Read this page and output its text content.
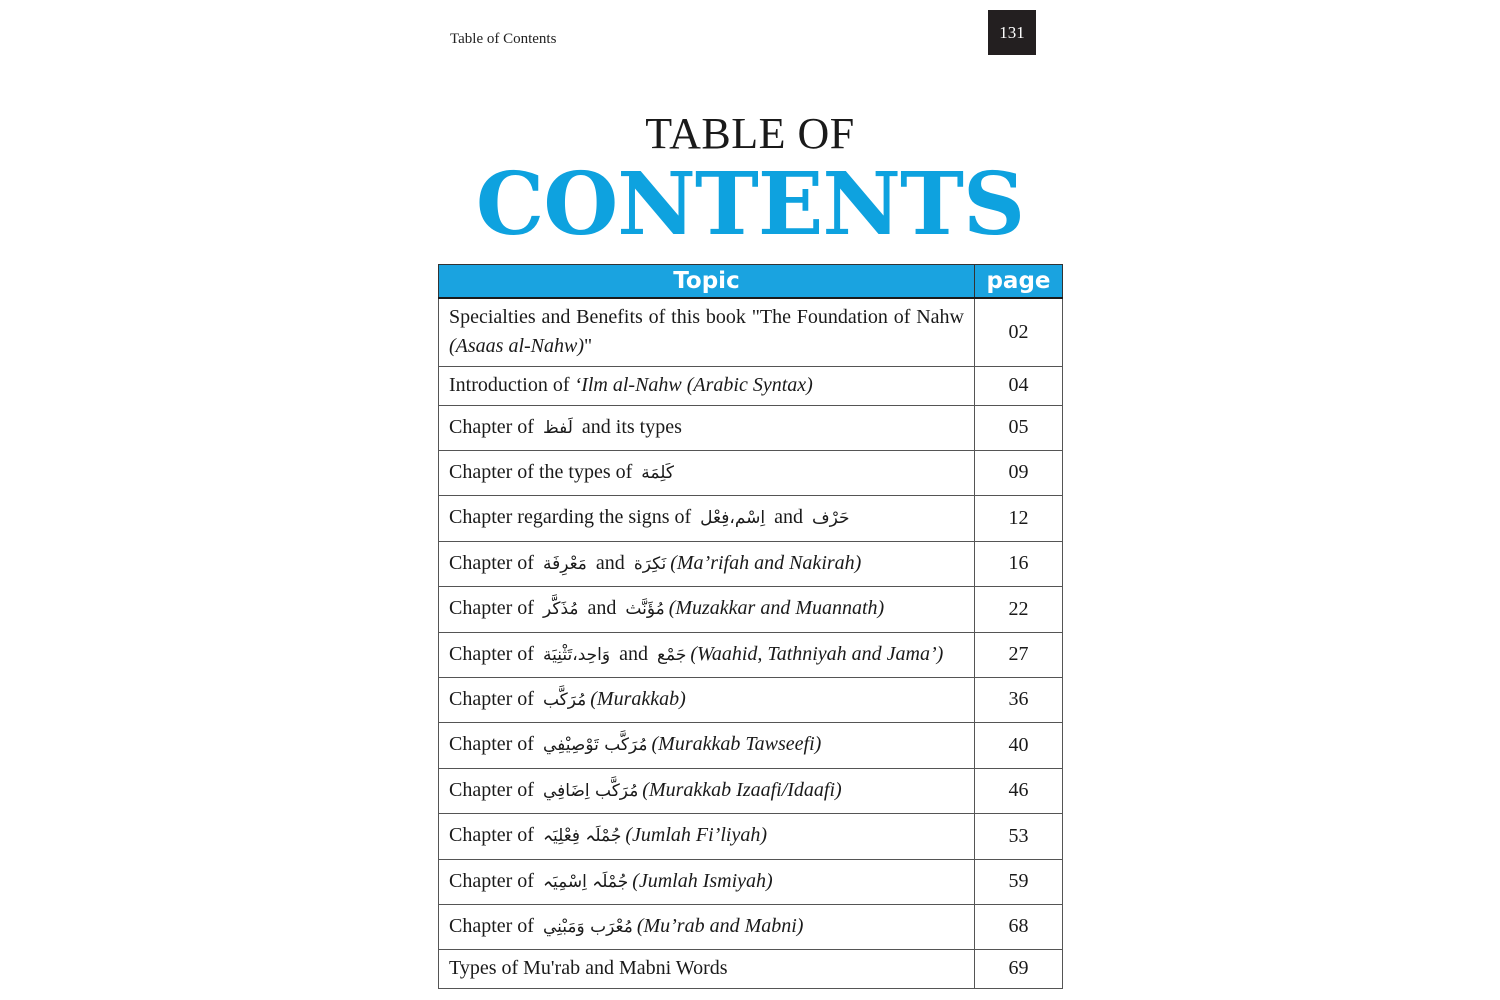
Table of Contents	131
TABLE OF
CONTENTS
Topic	page
Specialties and Benefits of this book "The Foundation of Nahw (Asaas al-Nahw)"	02
Introduction of ‘Ilm al-Nahw (Arabic Syntax)	04
Chapter of لَفظ and its types	05
Chapter of the types of كَلِمَة	09
Chapter regarding the signs of اِسْم،فِعْل and حَرْف	12
Chapter of مَعْرِفَة and نَكِرَة (Ma’rifah and Nakirah)	16
Chapter of مُذَكَّر and مُؤَنَّث (Muzakkar and Muannath)	22
Chapter of وَاحِد،تَثْنِيَة and جَمْع (Waahid, Tathniyah and Jama’)	27
Chapter of مُرَكَّب (Murakkab)	36
Chapter of مُرَكَّب تَوْصِيْفِي (Murakkab Tawseefi)	40
Chapter of مُرَكَّب اِضَافِي (Murakkab Izaafi/Idaafi)	46
Chapter of جُمْلَہ فِعْلِيَہ (Jumlah Fi’liyah)	53
Chapter of جُمْلَہ اِسْمِيَہ (Jumlah Ismiyah)	59
Chapter of مُعْرَب وَمَبْنِي (Mu’rab and Mabni)	68
Types of Mu'rab and Mabni Words	69
